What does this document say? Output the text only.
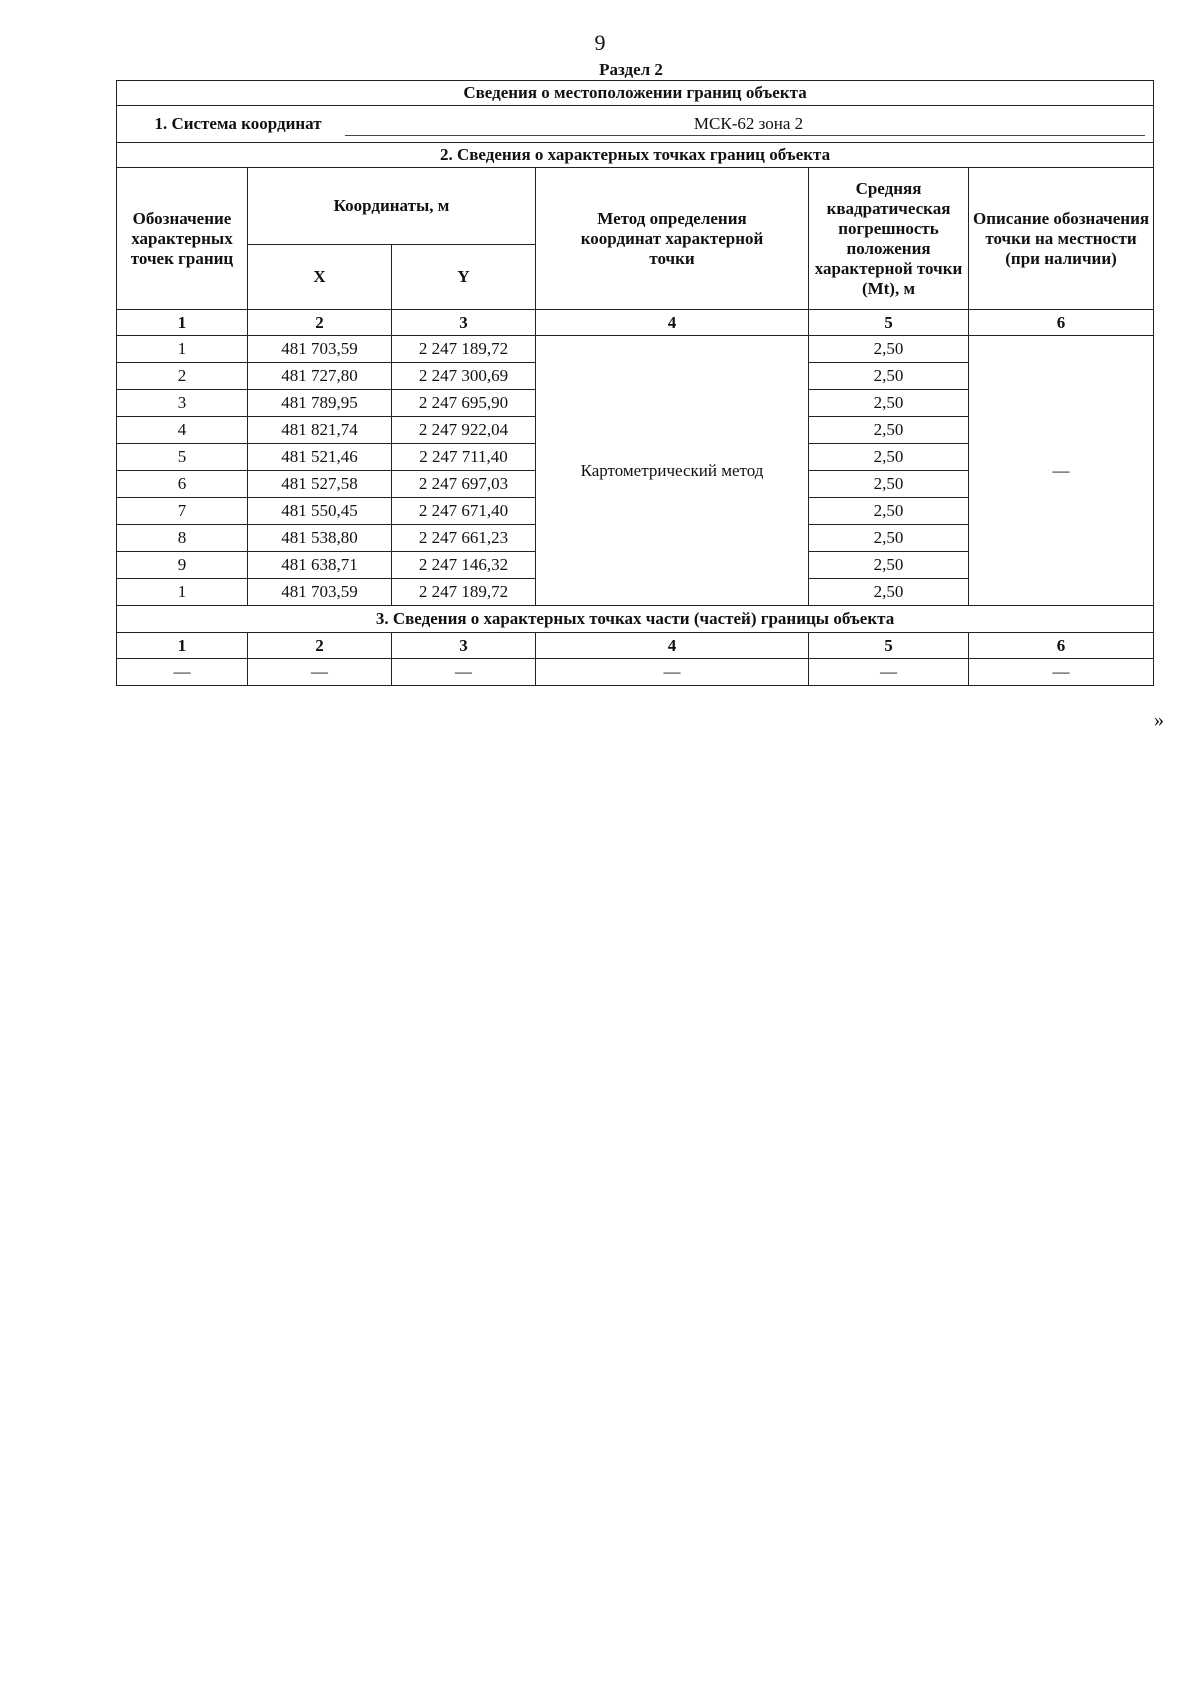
9
Раздел 2
Сведения о местоположении границ объекта					
1. Система координат МСК-62 зона 2					
2. Сведения о характерных точках границ объекта					
Обозначение характерных точек границ	Координаты, м		Метод определения координат характерной точки	Средняя квадратическая погрешность положения характерной точки (Mt), м	Описание обозначения точки на местности (при наличии)
	X	Y			
1	2	3	4	5	6
1	481 703,59	2 247 189,72	Картометрический метод	2,50	—
2	481 727,80	2 247 300,69		2,50	
3	481 789,95	2 247 695,90		2,50	
4	481 821,74	2 247 922,04		2,50	
5	481 521,46	2 247 711,40		2,50	
6	481 527,58	2 247 697,03		2,50	
7	481 550,45	2 247 671,40		2,50	
8	481 538,80	2 247 661,23		2,50	
9	481 638,71	2 247 146,32		2,50	
1	481 703,59	2 247 189,72		2,50	
3. Сведения о характерных точках части (частей) границы объекта					
1	2	3	4	5	6
—	—	—	—	—	—
»
